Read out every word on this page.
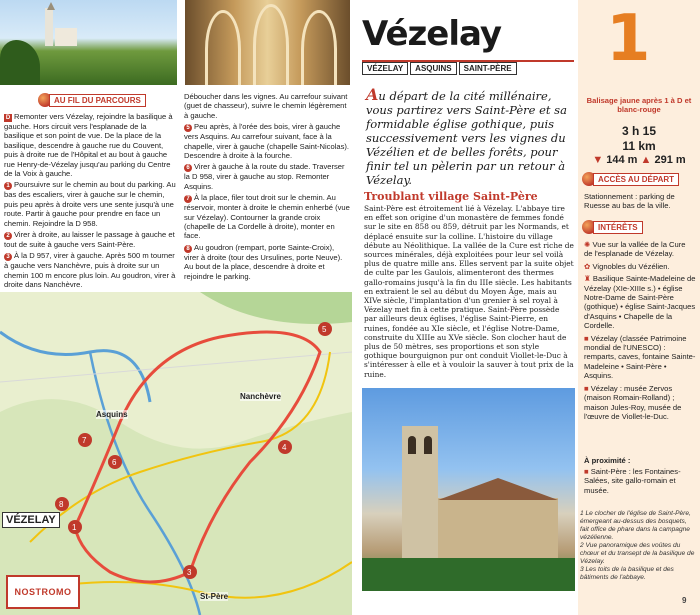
AU FIL DU PARCOURS

D Remonter vers Vézelay, rejoindre la basilique à gauche. Hors circuit vers l'esplanade de la basilique et son point de vue. De la place de la basilique, descendre à gauche rue du Couvent, puis à droite rue de l'Hôpital et au bout à gauche rue Henry-de-Vézelay jusqu'au parking du Centre de la Voix à gauche.

1 Poursuivre sur le chemin au bout du parking. Au bas des escaliers, virer à gauche sur le chemin, puis peu après à droite vers une sente jusqu'à une route. Partir à gauche pour prendre en face un chemin. Rejoindre la D 958.

2 Virer à droite, au laisser le passage à gauche et tout de suite à gauche vers Saint-Père.

3 À la D 957, virer à gauche. Après 500 m tourner à gauche vers Nanchèvre, puis à droite sur un chemin 100 m encore plus loin. Au goudron, virer à droite dans Nanchèvre.

Déboucher dans les vignes. Au carrefour suivant (guet de chasseur), suivre le chemin légèrement à gauche.

5 Peu après, à l'orée des bois, virer à gauche vers Asquins. Au carrefour suivant, face à la chapelle, virer à gauche (chapelle Saint-Nicolas). Descendre à droite à la fourche.

6 Virer à gauche à la route du stade. Traverser la D 958, virer à gauche au stop. Remonter Asquins.

7 À la place, filer tout droit sur le chemin. Au réservoir, monter à droite le chemin enherbé (vue sur Vézelay). Contourner la grande croix (chapelle de La Cordelle à droite), monter en face.

8 Au goudron (rempart, porte Sainte-Croix), virer à droite (tour des Ursulines, porte Neuve). Au bout de la place, descendre à droite et rejoindre le parking.

1
3
4
5
6
7
8
Asquins
St-Père
Nanchèvre
VÉZELAY
NOSTROMO
Vézelay
VÉZELAY	ASQUINS	SAINT-PÈRE
Au départ de la cité millénaire, vous partirez vers Saint-Père et sa formidable église gothique, puis successivement vers les vignes du Vézélien et de belles forêts, pour finir tel un pèlerin par un retour à Vézelay.
Troublant village Saint-Père
Saint-Père est étroitement lié à Vézelay. L'abbaye tire en effet son origine d'un monastère de femmes fondé sur le site en 858 ou 859, détruit par les Normands, et déplacé ensuite sur la colline. L'histoire du village débute au Néolithique. La vallée de la Cure est riche de sources minérales, déjà exploitées pour leur sel voilà plus de quatre mille ans. Elles servent par la suite objet de culte par les Gaulois, alimenteront des thermes gallo-romains jusqu'à la fin du IIIe siècle. Les habitants en extraient le sel au début du Moyen Âge, mais au XIVe siècle, l'implantation d'un grenier à sel royal à Vézelay met fin à cette pratique. Saint-Père possède par ailleurs deux églises, l'église Saint-Pierre, en ruines, fondée au XIe siècle, et l'église Notre-Dame, construite du XIIIe au XVe siècle. Son clocher haut de plus de 50 mètres, ses proportions et son style gothique bourguignon pur ont conduit Viollet-le-Duc à s'intéresser à elle et à vouloir la sauver à tout prix de la ruine.
1
Balisage jaune après 1 à D et blanc-rouge
3 h 15
11 km
▼ 144 m ▲ 291 m
ACCÈS AU DÉPART
Stationnement : parking de Ruesse au bas de la ville.
INTÉRÊTS

✺ Vue sur la vallée de la Cure de l'esplanade de Vézelay.

✿ Vignobles du Vézélien.

♜ Basilique Sainte-Madeleine de Vézelay (XIe-XIIIe s.) • église Notre-Dame de Saint-Père (gothique) • église Saint-Jacques d'Asquins • Chapelle de la Cordelle.

■ Vézelay (classée Patrimoine mondial de l'UNESCO) : remparts, caves, fontaine Sainte-Madeleine • Saint-Père • Asquins.

■ Vézelay : musée Zervos (maison Romain-Rolland) ; maison Jules-Roy, musée de l'œuvre de Viollet-le-Duc.

À proximité :
■ Saint-Père : les Fontaines-Salées, site gallo-romain et musée.
1 Le clocher de l'église de Saint-Père, émergeant au-dessus des bosquets, fait office de phare dans la campagne vézélienne.
2 Vue panoramique des voûtes du chœur et du transept de la basilique de Vézelay.
3 Les toits de la basilique et des bâtiments de l'abbaye.
9
